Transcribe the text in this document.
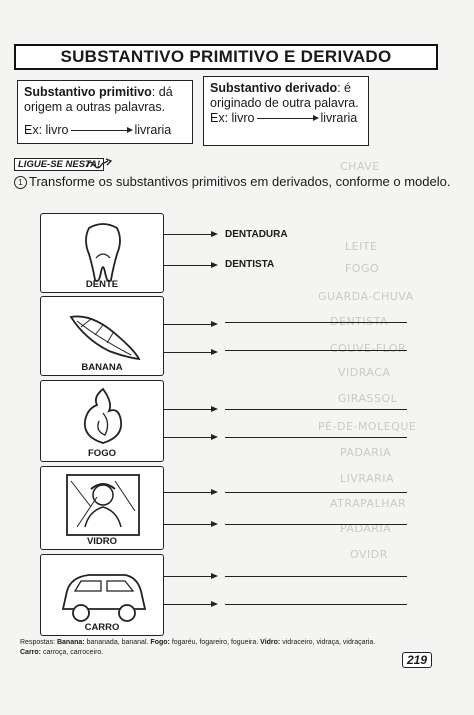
CHAVE
LEITE
FOGO
GUARDA-CHUVA
DENTISTA
COUVE-FLOR
VIDRACA
GIRASSOL
PÉ-DE-MOLEQUE
PADARIA
LIVRARIA
ATRAPALHAR
PADARIA
OVIDR
SUBSTANTIVO PRIMITIVO E DERIVADO
Substantivo primitivo: dá origem a outras palavras.
Ex: livro	livraria
Substantivo derivado: é originado de outra palavra.
Ex: livro	livraria
LIGUE-SE NESTA!
1 Transforme os substantivos primitivos em derivados, conforme o modelo.
DENTE
DENTADURA
DENTISTA
BANANA
FOGO
VIDRO
CARRO
Respostas: Banana: bananada, bananal. Fogo: fogaréu, fogareiro, fogueira. Vidro: vidraceiro, vidraça, vidraçaria.
Carro: carroça, carroceiro.
219
